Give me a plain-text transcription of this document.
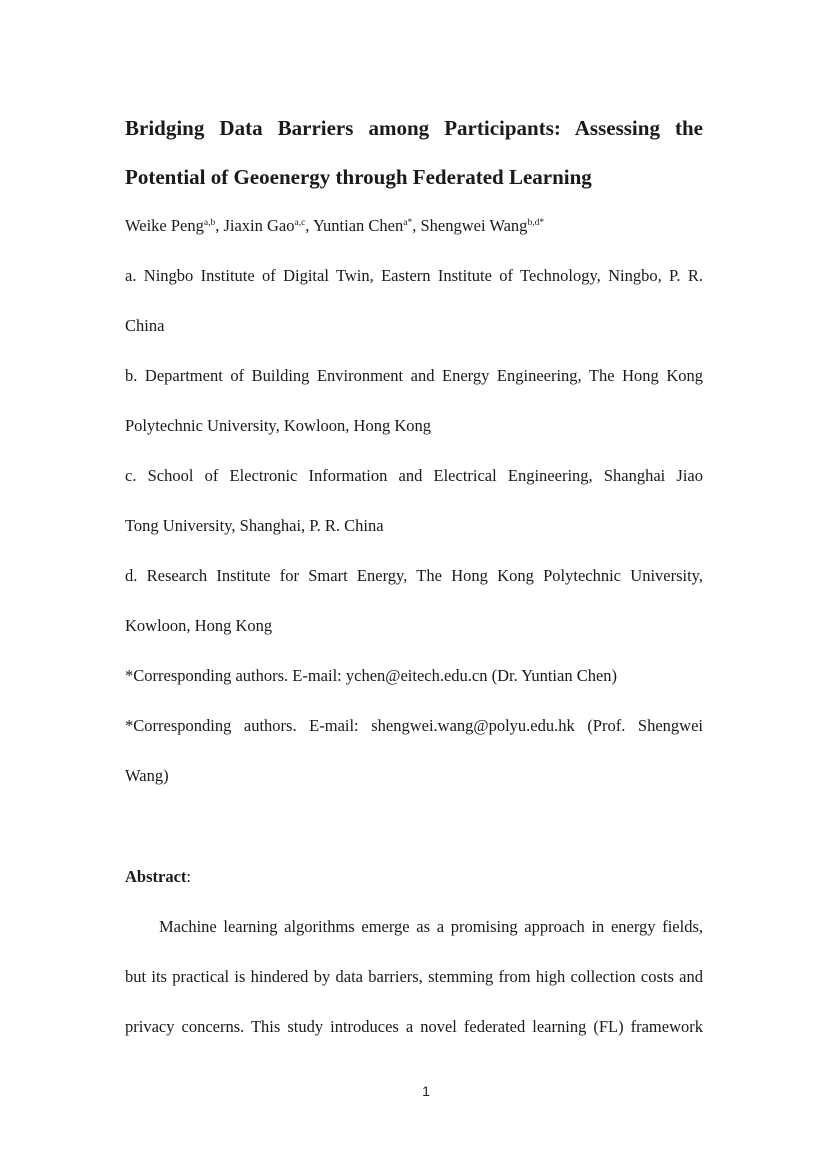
Bridging Data Barriers among Participants: Assessing the
Potential of Geoenergy through Federated Learning
Weike Peng$^{a,b}$, Jiaxin Gao$^{a,c}$, Yuntian Chen$^{a*}$, Shengwei Wang$^{b,d*}$
a. Ningbo Institute of Digital Twin, Eastern Institute of Technology, Ningbo, P. R.
China
b. Department of Building Environment and Energy Engineering, The Hong Kong
Polytechnic University, Kowloon, Hong Kong
c. School of Electronic Information and Electrical Engineering, Shanghai Jiao
Tong University, Shanghai, P. R. China
d. Research Institute for Smart Energy, The Hong Kong Polytechnic University,
Kowloon, Hong Kong
*Corresponding authors. E-mail: ychen@eitech.edu.cn (Dr. Yuntian Chen)
*Corresponding authors. E-mail: shengwei.wang@polyu.edu.hk (Prof. Shengwei
Wang)
Abstract:
Machine learning algorithms emerge as a promising approach in energy fields,
but its practical is hindered by data barriers, stemming from high collection costs and
privacy concerns. This study introduces a novel federated learning (FL) framework
1
